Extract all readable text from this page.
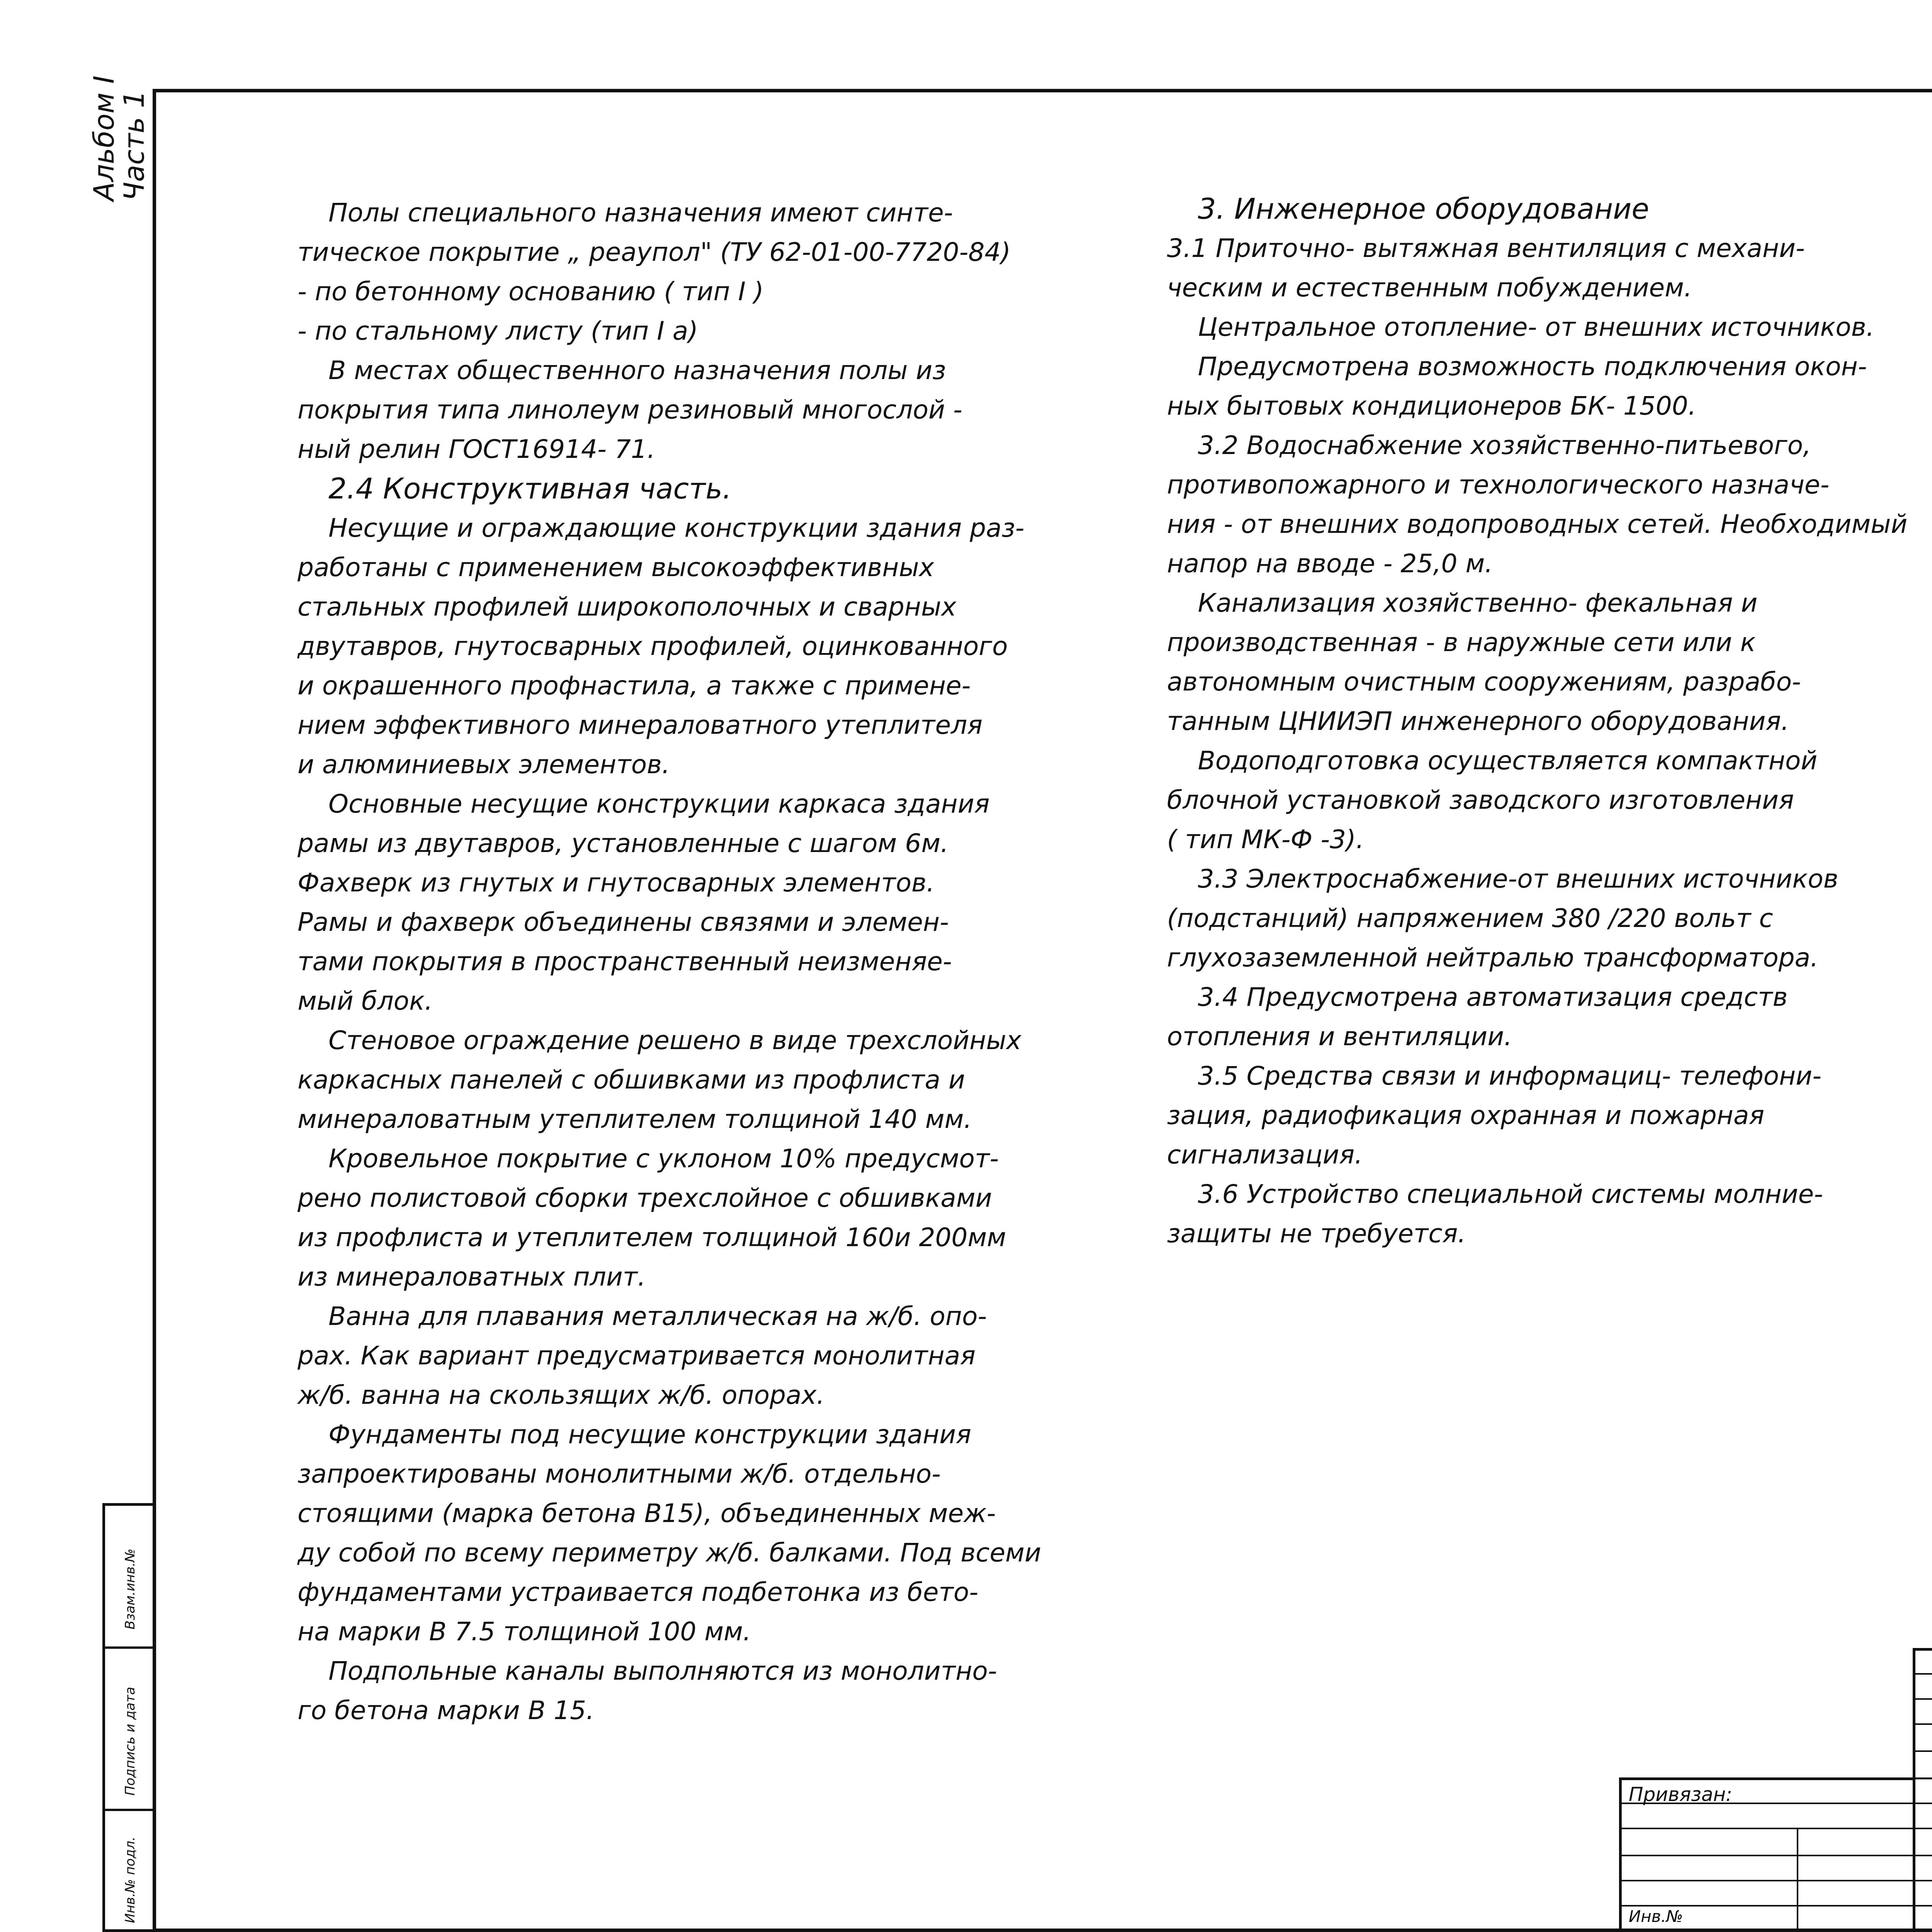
Альбом I
Часть 1
Взам.инв.№
Подпись и дата
Инв.№ подл.

Полы специального назначения имеют синте-

тическое покрытие „ реаупол" (ТУ 62-01-00-7720-84)

- по бетонному основанию ( тип I )

- по стальному листу (тип I а)

В местах общественного назначения полы из

покрытия типа линолеум резиновый многослой -

ный релин ГОСТ16914- 71.

2.4 Конструктивная часть.

Несущие и ограждающие конструкции здания раз-

работаны с применением высокоэффективных

стальных профилей широкополочных и сварных

двутавров, гнутосварных профилей, оцинкованного

и окрашенного профнастила, а также с примене-

нием эффективного минераловатного утеплителя

и алюминиевых элементов.

Основные несущие конструкции каркаса здания

рамы из двутавров, установленные с шагом 6м.

Фахверк из гнутых и гнутосварных элементов.

Рамы и фахверк объединены связями и элемен-

тами покрытия в пространственный неизменяе-

мый блок.

Стеновое ограждение решено в виде трехслойных

каркасных панелей с обшивками из профлиста и

минераловатным утеплителем толщиной 140 мм.

Кровельное покрытие с уклоном 10% предусмот-

рено полистовой сборки трехслойное с обшивками

из профлиста и утеплителем толщиной 160и 200мм

из минераловатных плит.

Ванна для плавания металлическая на ж/б. опо-

рах. Как вариант предусматривается монолитная

ж/б. ванна на скользящих ж/б. опорах.

Фундаменты под несущие конструкции здания

запроектированы монолитными ж/б. отдельно-

стоящими (марка бетона В15), объединенных меж-

ду собой по всему периметру ж/б. балками. Под всеми

фундаментами устраивается подбетонка из бето-

на марки В 7.5 толщиной 100 мм.

Подпольные каналы выполняются из монолитно-

го бетона марки В 15.

3. Инженерное оборудование

3.1 Приточно- вытяжная вентиляция с механи-

ческим и естественным побуждением.

Центральное отопление- от внешних источников.

Предусмотрена возможность подключения окон-

ных бытовых кондиционеров БК- 1500.

3.2 Водоснабжение хозяйственно-питьевого,

противопожарного и технологического назначе-

ния - от внешних водопроводных сетей. Необходимый

напор на вводе - 25,0 м.

Канализация хозяйственно- фекальная и

производственная - в наружные сети или к

автономным очистным сооружениям, разрабо-

танным ЦНИИЭП инженерного оборудования.

Водоподготовка осуществляется компактной

блочной установкой заводского изготовления

( тип МК-Ф -3).

3.3 Электроснабжение-от внешних источников

(подстанций) напряжением 380 /220 вольт с

глухозаземленной нейтралью трансформатора.

3.4 Предусмотрена автоматизация средств

отопления и вентиляции.

3.5 Средства связи и информациц- телефони-

зация, радиофикация охранная и пожарная

сигнализация.

3.6 Устройство специальной системы молние-

защиты не требуется.

Привязан:
Инв.№
